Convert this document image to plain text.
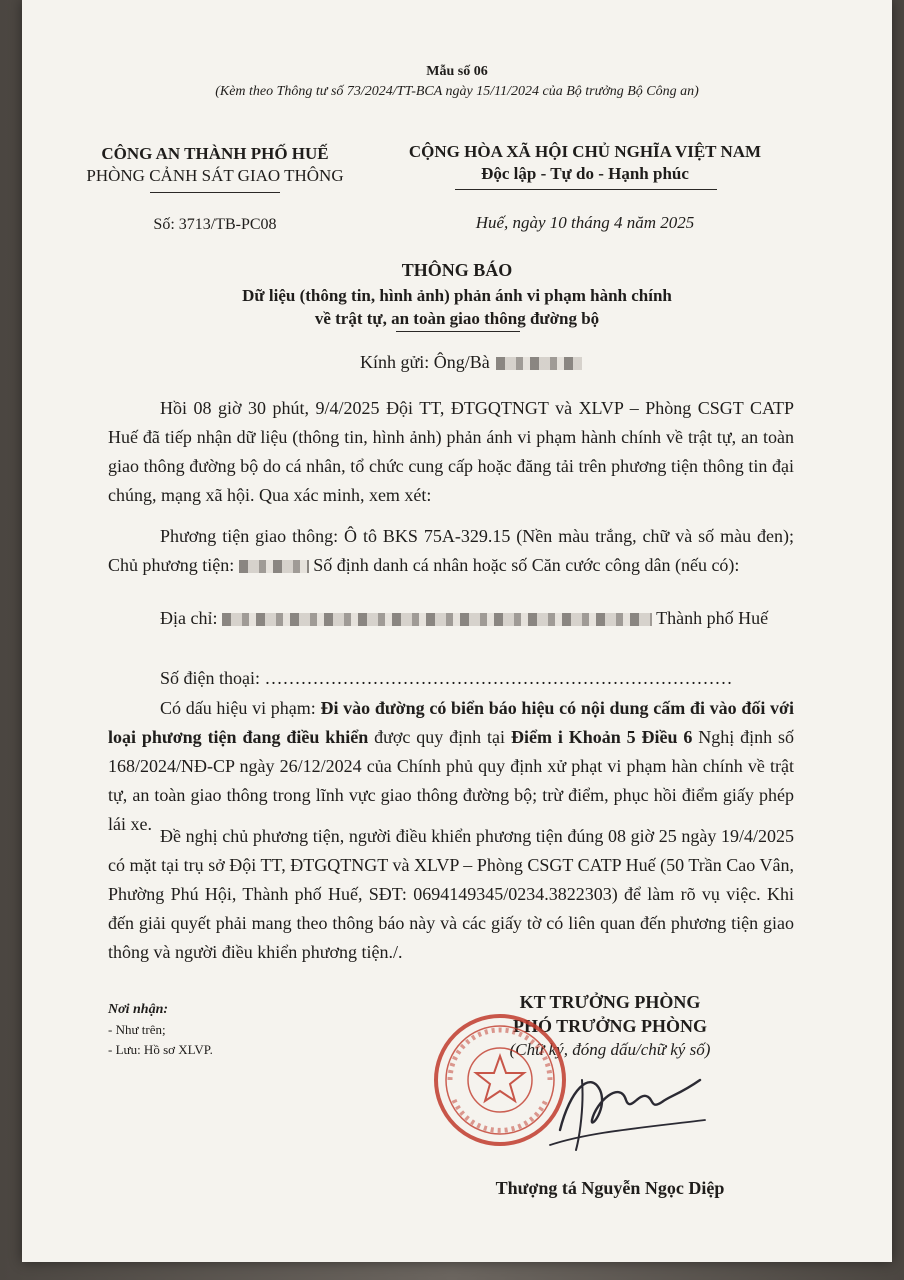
Mẫu số 06
(Kèm theo Thông tư số 73/2024/TT-BCA ngày 15/11/2024 của Bộ trưởng Bộ Công an)
CÔNG AN THÀNH PHỐ HUẾ
PHÒNG CẢNH SÁT GIAO THÔNG
Số: 3713/TB-PC08
CỘNG HÒA XÃ HỘI CHỦ NGHĨA VIỆT NAM
Độc lập - Tự do - Hạnh phúc
Huế, ngày 10 tháng 4 năm 2025
THÔNG BÁO
Dữ liệu (thông tin, hình ảnh) phản ánh vi phạm hành chính
về trật tự, an toàn giao thông đường bộ
Kính gửi: Ông/Bà
Hồi 08 giờ 30 phút, 9/4/2025 Đội TT, ĐTGQTNGT và XLVP – Phòng CSGT CATP Huế đã tiếp nhận dữ liệu (thông tin, hình ảnh) phản ánh vi phạm hành chính về trật tự, an toàn giao thông đường bộ do cá nhân, tổ chức cung cấp hoặc đăng tải trên phương tiện thông tin đại chúng, mạng xã hội. Qua xác minh, xem xét:
Phương tiện giao thông: Ô tô BKS 75A-329.15 (Nền màu trắng, chữ và số màu đen); Chủ phương tiện:	Số định danh cá nhân hoặc số Căn cước công dân (nếu có):
Địa chỉ:	Thành phố Huế
Số điện thoại: ……………………………………………………………………
Có dấu hiệu vi phạm: Đi vào đường có biển báo hiệu có nội dung cấm đi vào đối với loại phương tiện đang điều khiển được quy định tại Điểm i Khoản 5 Điều 6 Nghị định số 168/2024/NĐ-CP ngày 26/12/2024 của Chính phủ quy định xử phạt vi phạm hàn chính về trật tự, an toàn giao thông trong lĩnh vực giao thông đường bộ; trừ điểm, phục hồi điểm giấy phép lái xe.
Đề nghị chủ phương tiện, người điều khiển phương tiện đúng 08 giờ 25 ngày 19/4/2025 có mặt tại trụ sở Đội TT, ĐTGQTNGT và XLVP – Phòng CSGT CATP Huế (50 Trần Cao Vân, Phường Phú Hội, Thành phố Huế, SĐT: 0694149345/0234.3822303) để làm rõ vụ việc. Khi đến giải quyết phải mang theo thông báo này và các giấy tờ có liên quan đến phương tiện giao thông và người điều khiển phương tiện./.
Nơi nhận:
- Như trên;
- Lưu: Hồ sơ XLVP.
KT TRƯỞNG PHÒNG
PHÓ TRƯỞNG PHÒNG
(Chữ ký, đóng dấu/chữ ký số)
Thượng tá Nguyễn Ngọc Diệp
